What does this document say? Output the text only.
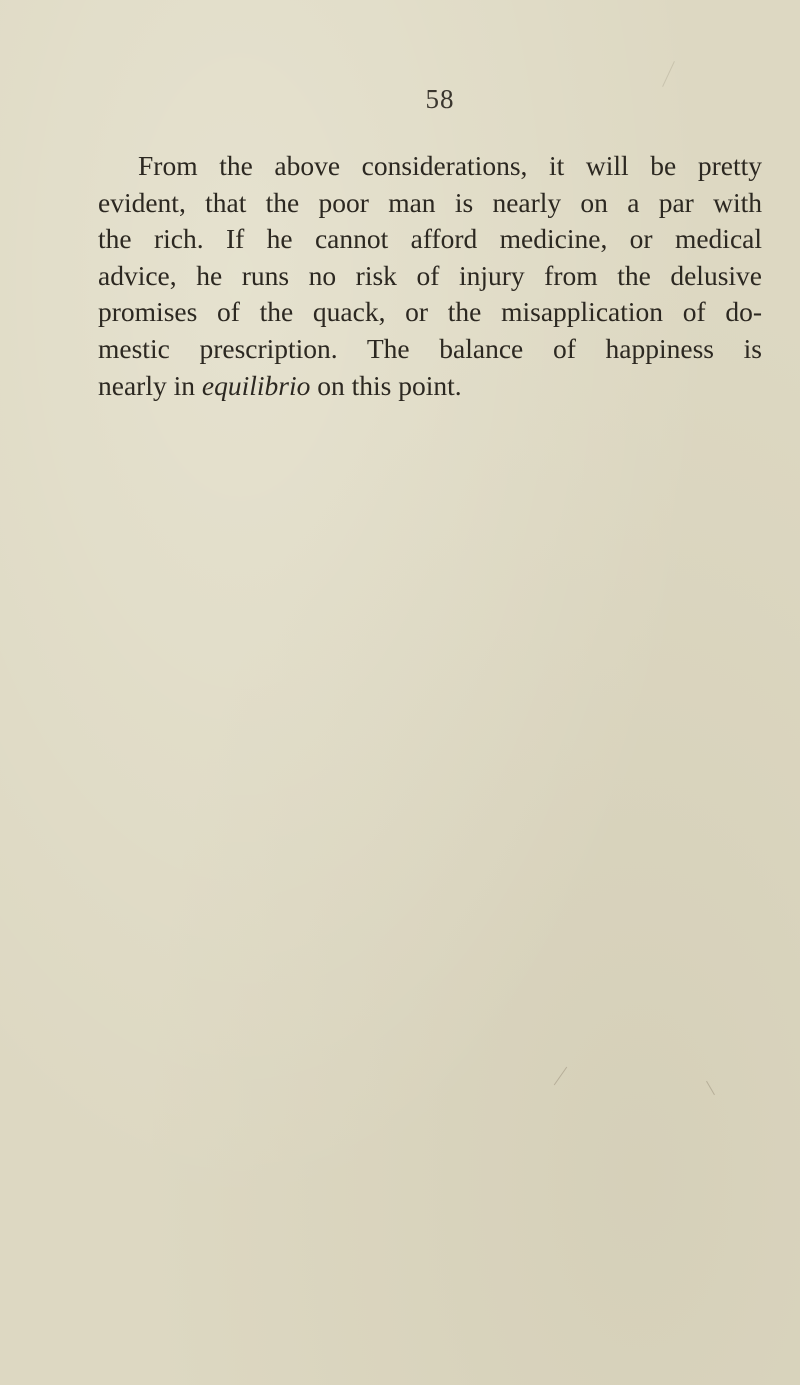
58
From the above considerations, it will be pretty
evident, that the poor man is nearly on a par with
the rich. If he cannot afford medicine, or medical
advice, he runs no risk of injury from the delusive
promises of the quack, or the misapplication of do-
mestic prescription. The balance of happiness is
nearly in equilibrio on this point.
